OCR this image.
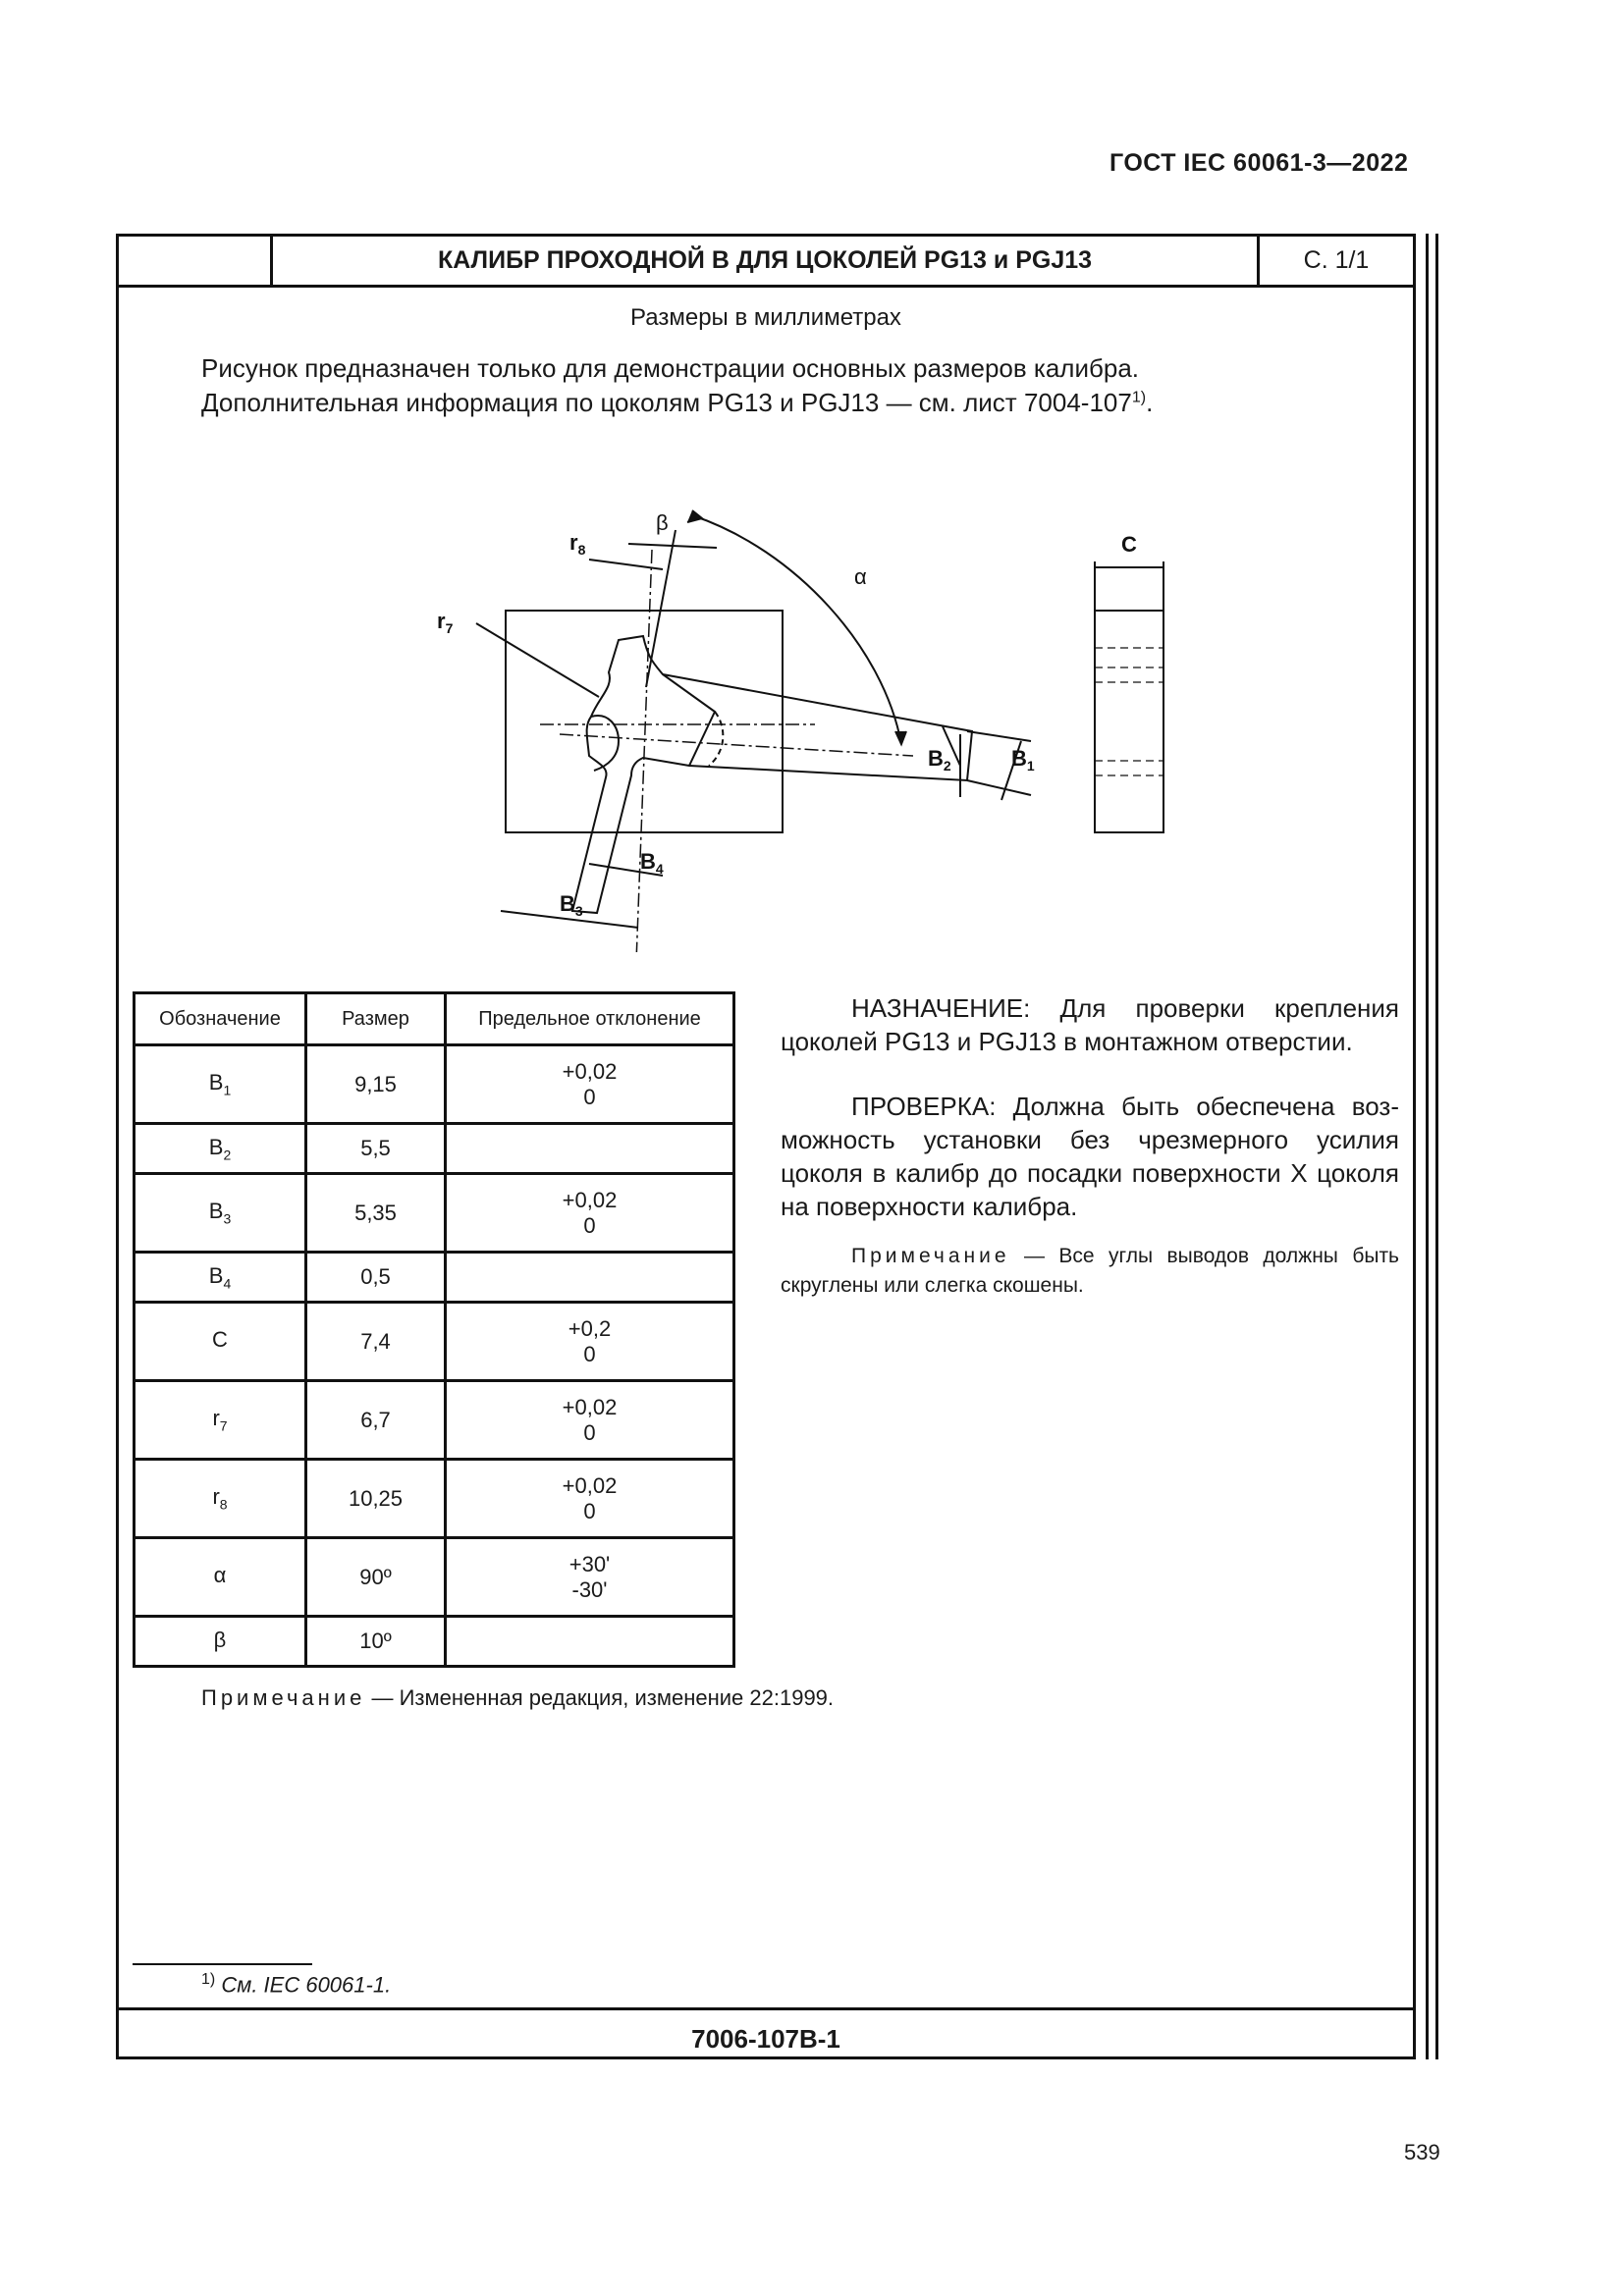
ГОСТ IEC 60061-3—2022
КАЛИБР ПРОХОДНОЙ В ДЛЯ ЦОКОЛЕЙ PG13 и PGJ13	С. 1/1
Размеры в миллиметрах
Рисунок предназначен только для демонстрации основных размеров калибра.
Дополнительная информация по цоколям PG13 и PGJ13 — см. лист 7004-107$^{1)}$.
β
α
$r_8$
$r_7$
C
$B_2$	$B_1$
$B_4$
$B_3$
Обозначение	Размер	Предельное отклонение
$B_1$	9,15	+0,02
0

$B_2$	5,5	

$B_3$	5,35	+0,02
0

$B_4$	0,5	

C	7,4	+0,2
0

$r_7$	6,7	+0,02
0

$r_8$	10,25	+0,02
0

α	90º	+30'
-30'

β	10º	
НАЗНАЧЕНИЕ: Для проверки крепления цоколей PG13 и PGJ13 в монтажном отверстии.
ПРОВЕРКА: Должна быть обеспечена возможность установки без чрезмерного усилия цоколя в калибр до посадки поверхности X цоколя на поверхности калибра.
Примечание — Все углы выводов должны быть скруглены или слегка скошены.
Примечание — Измененная редакция, изменение 22:1999.
$^{1)}$ См. IEC 60061-1.
7006-107B-1
539
